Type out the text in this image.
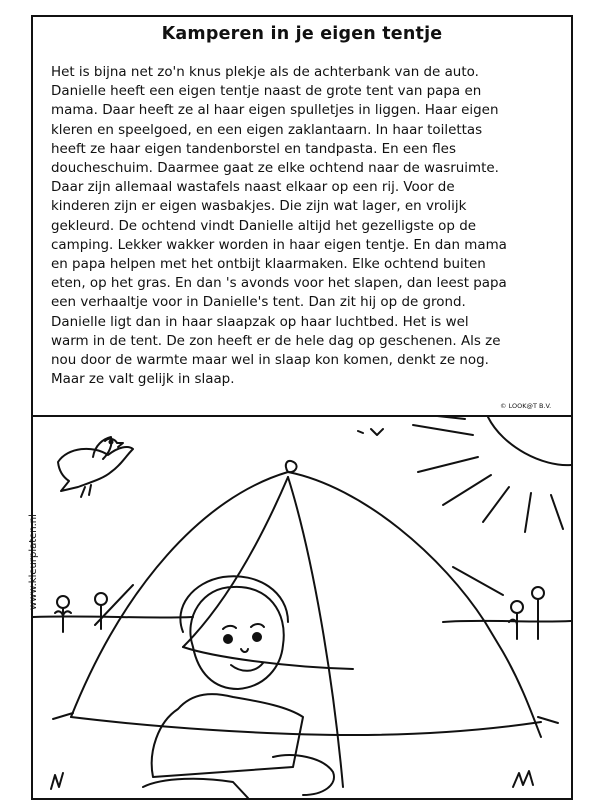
Kamperen in je eigen tentje
Het is bijna net zo'n knus plekje als de achterbank van de auto.
Danielle heeft een eigen tentje naast de grote tent van papa en
mama. Daar heeft ze al haar eigen spulletjes in liggen. Haar eigen
kleren en speelgoed, en een eigen zaklantaarn. In haar toilettas
heeft ze haar eigen tandenborstel en tandpasta. En een fles
doucheschuim. Daarmee gaat ze elke ochtend naar de wasruimte.
Daar zijn allemaal wastafels naast elkaar op een rij. Voor de
kinderen zijn er eigen wasbakjes. Die zijn wat lager, en vrolijk
gekleurd. De ochtend vindt Danielle altijd het gezelligste op de
camping. Lekker wakker worden in haar eigen tentje. En dan mama
en papa helpen met het ontbijt klaarmaken. Elke ochtend buiten
eten, op het gras. En dan 's avonds voor het slapen, dan leest papa
een verhaaltje voor in Danielle's tent. Dan zit hij op de grond.
Danielle ligt dan in haar slaapzak op haar luchtbed. Het is wel
warm in de tent. De zon heeft er de hele dag op geschenen. Als ze
nou door de warmte maar wel in slaap kon komen, denkt ze nog.
Maar ze valt gelijk in slaap.
© LOOK@T B.V.
www.kleurplaten.nl
